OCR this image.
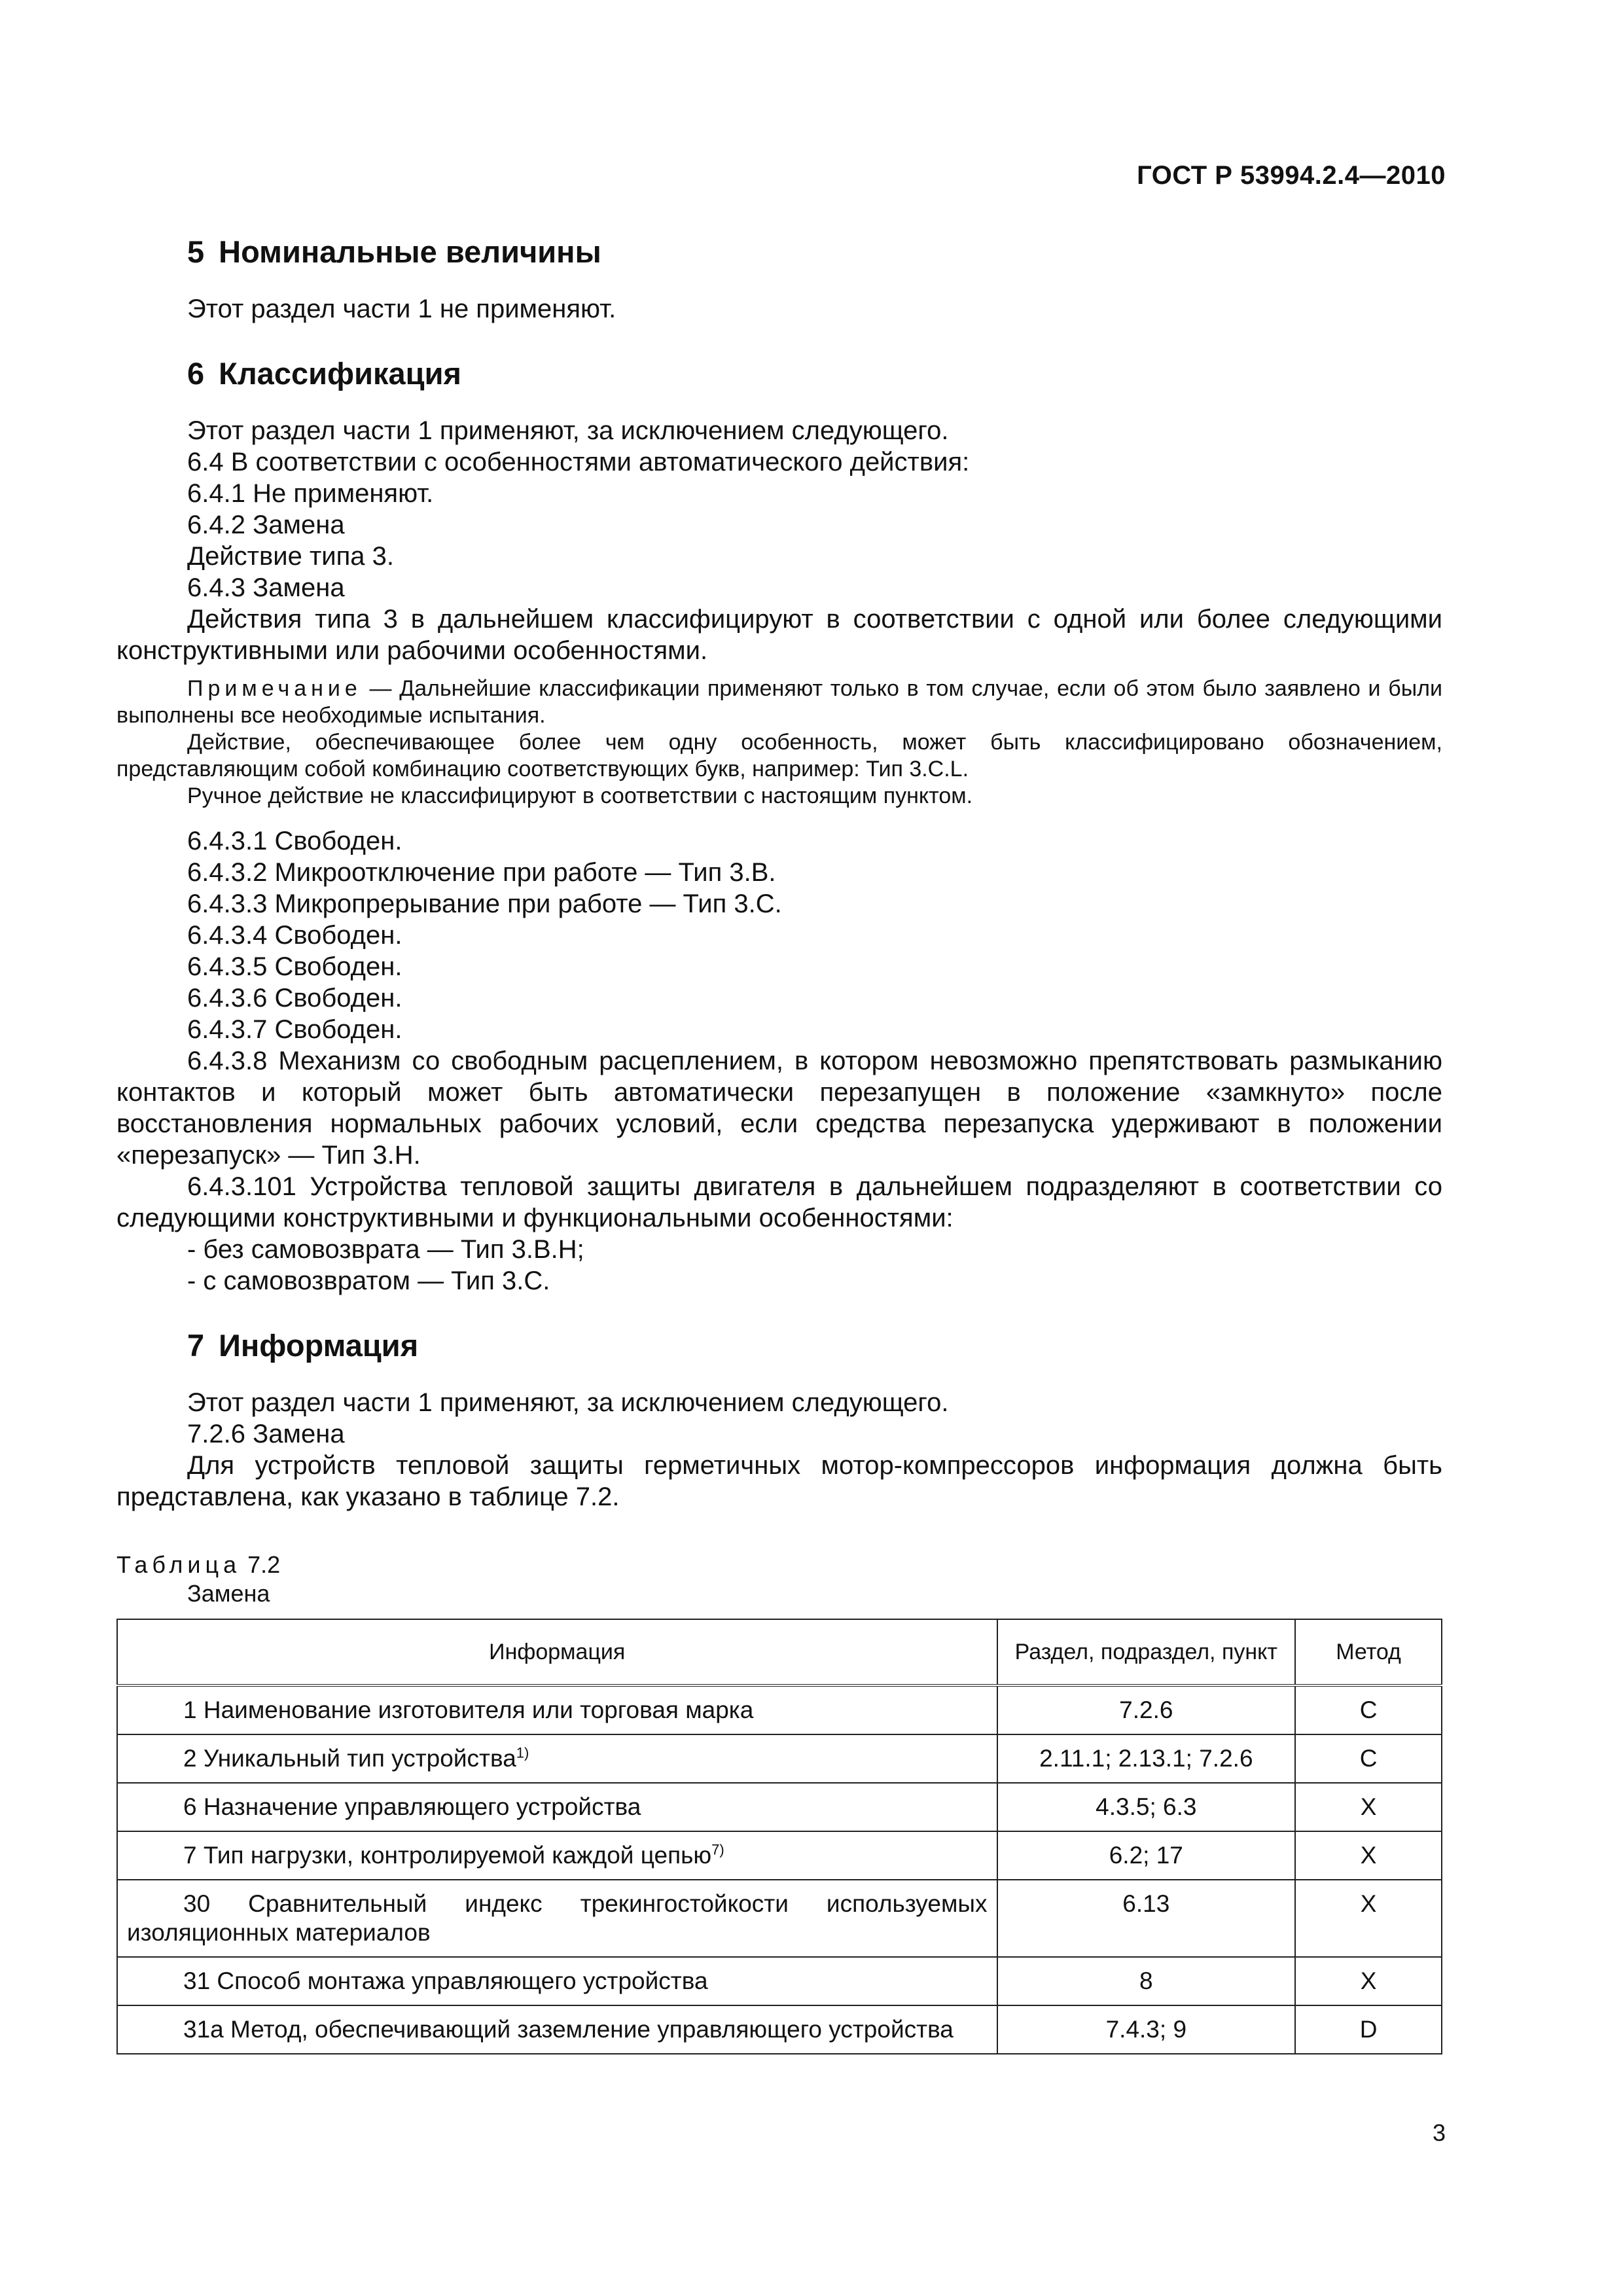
ГОСТ Р 53994.2.4—2010
5 Номинальные величины

Этот раздел части 1 не применяют.

6 Классификация

Этот раздел части 1 применяют, за исключением следующего.

6.4 В соответствии с особенностями автоматического действия:

6.4.1 Не применяют.

6.4.2 Замена

Действие типа 3.

6.4.3 Замена

Действия типа 3 в дальнейшем классифицируют в соответствии с одной или более следующими конструктивными или рабочими особенностями.

Примечание — Дальнейшие классификации применяют только в том случае, если об этом было заявлено и были выполнены все необходимые испытания.

Действие, обеспечивающее более чем одну особенность, может быть классифицировано обозначением, представляющим собой комбинацию соответствующих букв, например: Тип 3.C.L.

Ручное действие не классифицируют в соответствии с настоящим пунктом.

6.4.3.1 Свободен.

6.4.3.2 Микроотключение при работе — Тип 3.В.

6.4.3.3 Микропрерывание при работе — Тип 3.С.

6.4.3.4 Свободен.

6.4.3.5 Свободен.

6.4.3.6 Свободен.

6.4.3.7 Свободен.

6.4.3.8 Механизм со свободным расцеплением, в котором невозможно препятствовать размыканию контактов и который может быть автоматически перезапущен в положение «замкнуто» после восстановления нормальных рабочих условий, если средства перезапуска удерживают в положении «перезапуск» — Тип 3.Н.

6.4.3.101 Устройства тепловой защиты двигателя в дальнейшем подразделяют в соответствии со следующими конструктивными и функциональными особенностями:

- без самовозврата — Тип 3.В.Н;

- с самовозвратом — Тип 3.С.

7 Информация

Этот раздел части 1 применяют, за исключением следующего.

7.2.6 Замена

Для устройств тепловой защиты герметичных мотор-компрессоров информация должна быть представлена, как указано в таблице 7.2.

Таблица 7.2

Замена

Информация	Раздел, подраздел, пункт	Метод
1 Наименование изготовителя или торговая марка	7.2.6	C
2 Уникальный тип устройства$^{1)}$	2.11.1; 2.13.1; 7.2.6	C
6 Назначение управляющего устройства	4.3.5; 6.3	X
7 Тип нагрузки, контролируемой каждой цепью$^{7)}$	6.2; 17	X
30 Сравнительный индекс трекингостойкости используемых изоляционных материалов	6.13	X
31 Способ монтажа управляющего устройства	8	X
31a Метод, обеспечивающий заземление управляющего устройства	7.4.3; 9	D
3
